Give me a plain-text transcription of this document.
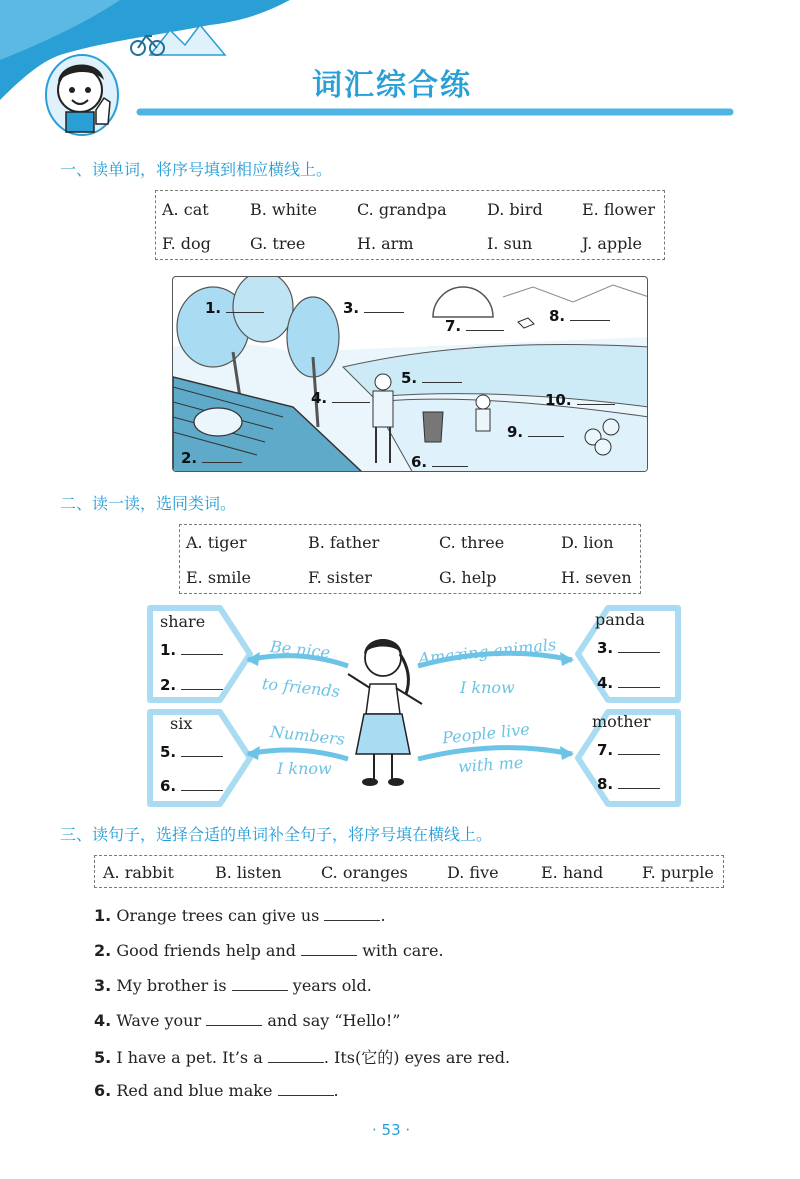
词汇综合练
一、读单词，将序号填到相应横线上。
A. cat	B. white	C. grandpa	D. bird E. flower
F. dog G. tree	H. arm	I. sun	J. apple
1.
2.
3.
4.
5.
6.
7.
8.
9.
10.
二、读一读，选同类词。
A. tiger	B. father	C. three	D. lion
E. smile	F. sister	G. help	H. seven
share
1.
2.
panda
3.
4.
six
5.
6.
mother
7.
8.
Be nice
to friends
Amazing animals
I know
Numbers
I know
People live
with me
三、读句子，选择合适的单词补全句子，将序号填在横线上。
A. rabbit	B. listen C. oranges D. five	E. hand F. purple
1. Orange trees can give us	.
2. Good friends help and	with care.
3. My brother is	years old.
4. Wave your	and say “Hello!”
5. I have a pet. It’s a	. Its(它的) eyes are red.
6. Red and blue make	.
· 53 ·
